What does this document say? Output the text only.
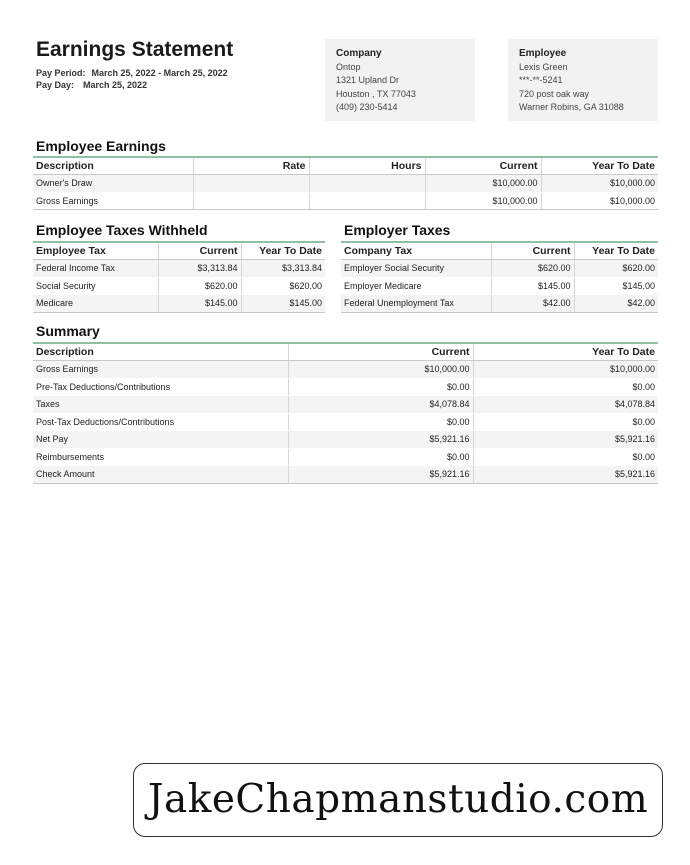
Earnings Statement
Pay Period: March 25, 2022 - March 25, 2022
Pay Day: March 25, 2022
Company
Ontop
1321 Upland Dr
Houston , TX 77043
(409) 230-5414
Employee
Lexis Green
***-**-5241
720 post oak way
Warner Robins, GA 31088
Employee Earnings
Description	Rate	Hours	Current	Year To Date
Owner's Draw			$10,000.00	$10,000.00
Gross Earnings			$10,000.00	$10,000.00
Employee Taxes Withheld
Employee Tax	Current	Year To Date
Federal Income Tax	$3,313.84	$3,313.84
Social Security	$620.00	$620.00
Medicare	$145.00	$145.00
Employer Taxes
Company Tax	Current	Year To Date
Employer Social Security	$620.00	$620.00
Employer Medicare	$145.00	$145.00
Federal Unemployment Tax	$42.00	$42.00
Summary
Description	Current	Year To Date
Gross Earnings	$10,000.00	$10,000.00
Pre-Tax Deductions/Contributions	$0.00	$0.00
Taxes	$4,078.84	$4,078.84
Post-Tax Deductions/Contributions	$0.00	$0.00
Net Pay	$5,921.16	$5,921.16
Reimbursements	$0.00	$0.00
Check Amount	$5,921.16	$5,921.16
JakeChapmanstudio.com
